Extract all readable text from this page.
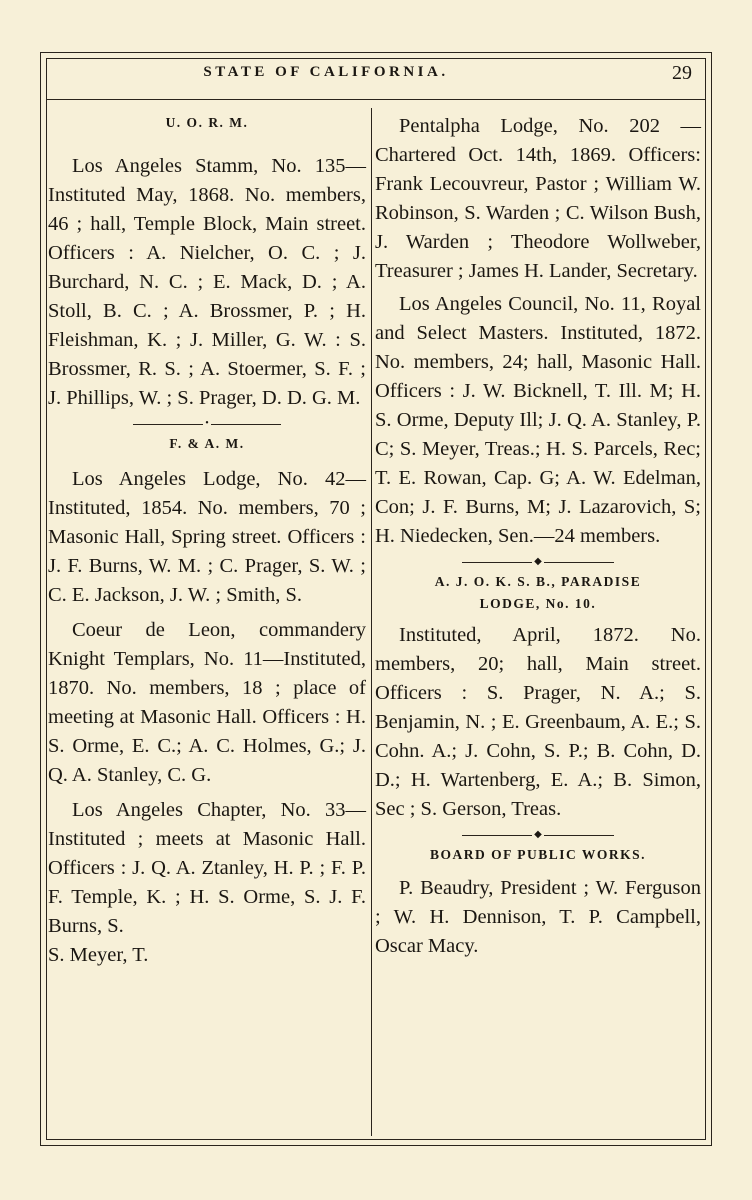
STATE OF CALIFORNIA.	29

U. O. R. M.

Los Angeles Stamm, No. 135—Instituted May, 1868. No. members, 46 ; hall, Temple Block, Main street. Officers : A. Nielcher, O. C. ; J. Burchard, N. C. ; E. Mack, D. ; A. Stoll, B. C. ; A. Brossmer, P. ; H. Fleishman, K. ; J. Miller, G. W. : S. Brossmer, R. S. ; A. Stoermer, S. F. ; J. Phillips, W. ; S. Prager, D. D. G. M.

•

F. & A. M.

Los Angeles Lodge, No. 42—Instituted, 1854. No. members, 70 ; Masonic Hall, Spring street. Officers : J. F. Burns, W. M. ; C. Prager, S. W. ; C. E. Jackson, J. W. ; Smith, S.

Coeur de Leon, commandery Knight Templars, No. 11—Instituted, 1870. No. members, 18 ; place of meeting at Masonic Hall. Officers : H. S. Orme, E. C.; A. C. Holmes, G.; J. Q. A. Stanley, C. G.

Los Angeles Chapter, No. 33—Instituted ; meets at Masonic Hall. Officers : J. Q. A. Ztanley, H. P. ; F. P. F. Temple, K. ; H. S. Orme, S. J. F. Burns, S.

S. Meyer, T.

Pentalpha Lodge, No. 202 —Chartered Oct. 14th, 1869. Officers: Frank Lecouvreur, Pastor ; William W. Robinson, S. Warden ; C. Wilson Bush, J. Warden ; Theodore Wollweber, Treasurer ; James H. Lander, Secretary.

Los Angeles Council, No. 11, Royal and Select Masters. Instituted, 1872. No. members, 24; hall, Masonic Hall. Officers : J. W. Bicknell, T. Ill. M; H. S. Orme, Deputy Ill; J. Q. A. Stanley, P. C; S. Meyer, Treas.; H. S. Parcels, Rec; T. E. Rowan, Cap. G; A. W. Edelman, Con; J. F. Burns, M; J. Lazarovich, S; H. Niedecken, Sen.—24 members.

◆

A. J. O. K. S. B., PARADISE

LODGE, No. 10.

Instituted, April, 1872. No. members, 20; hall, Main street. Officers : S. Prager, N. A.; S. Benjamin, N. ; E. Greenbaum, A. E.; S. Cohn. A.; J. Cohn, S. P.; B. Cohn, D. D.; H. Wartenberg, E. A.; B. Simon, Sec ; S. Gerson, Treas.

◆

BOARD OF PUBLIC WORKS.

P. Beaudry, President ; W. Ferguson ; W. H. Dennison, T. P. Campbell, Oscar Macy.
